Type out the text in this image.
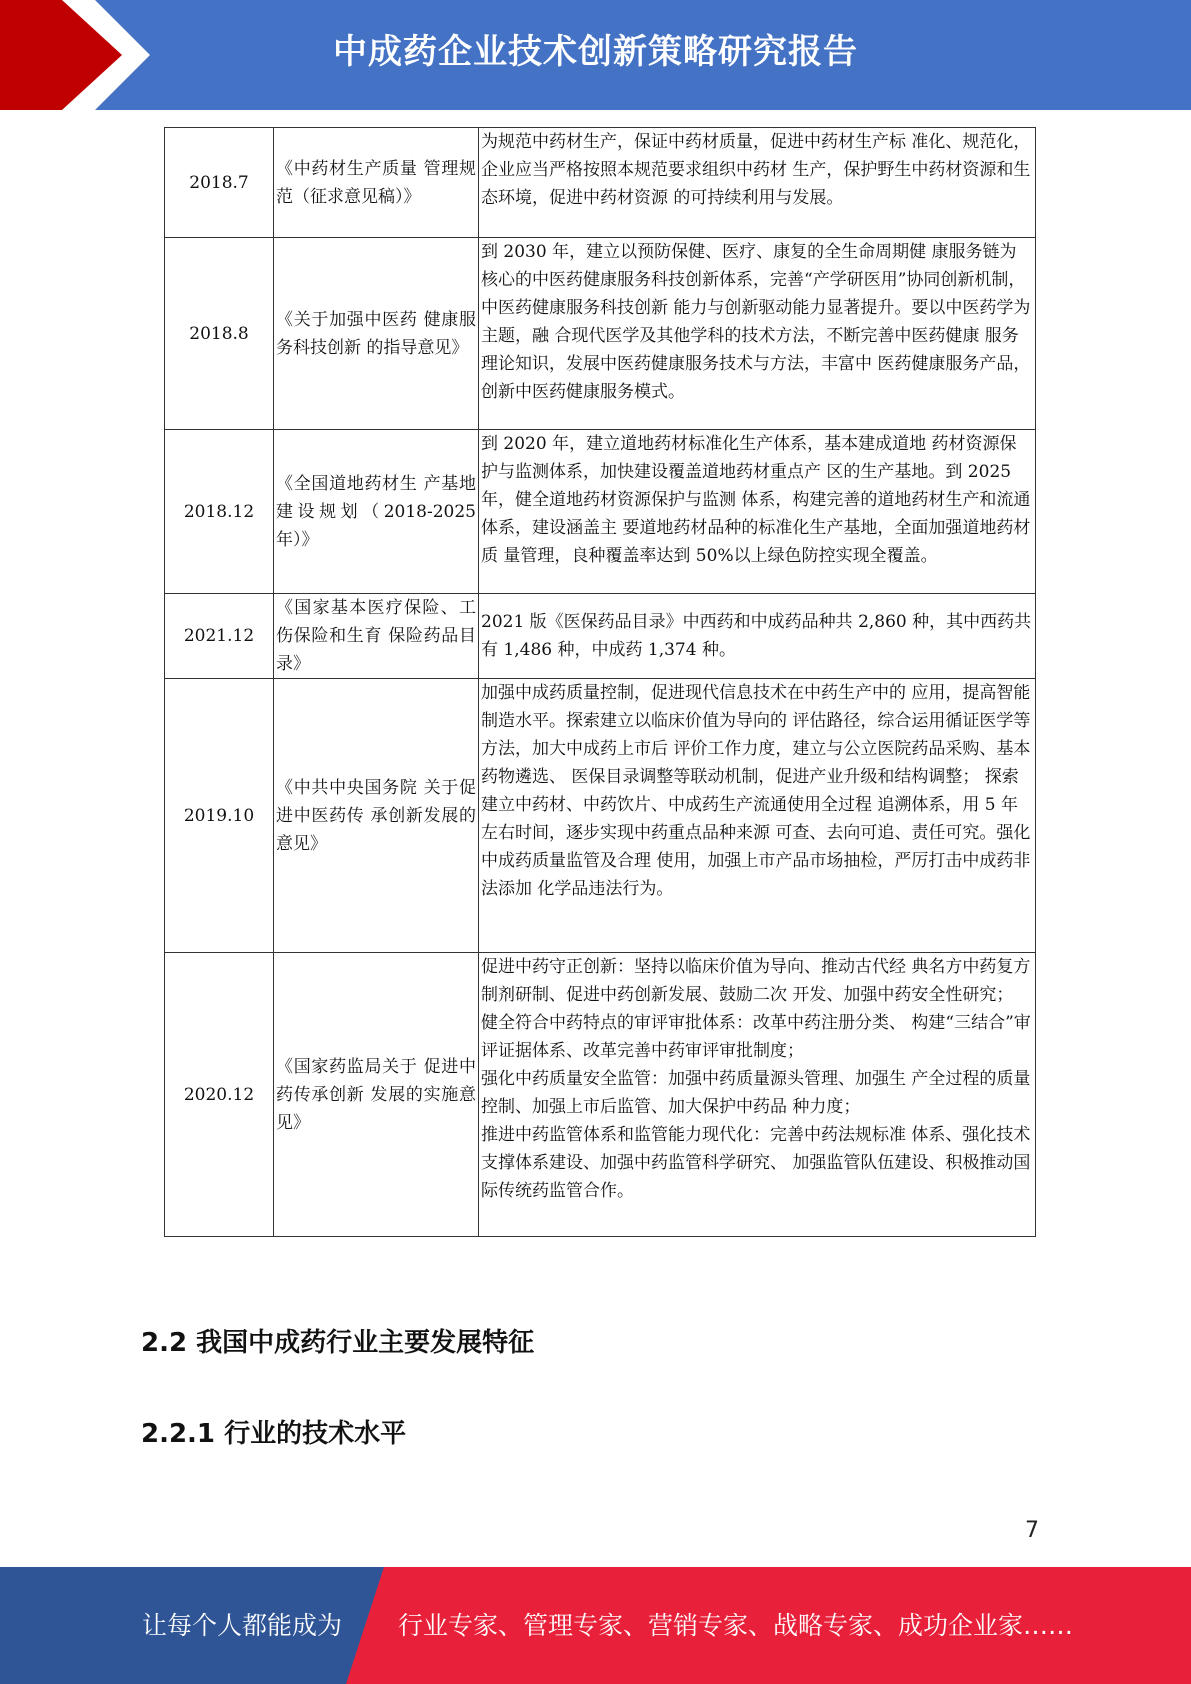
中成药企业技术创新策略研究报告
2018.7	《中药材生产质量 管理规范（征求意见稿）》	为规范中药材生产，保证中药材质量，促进中药材生产标 准化、规范化，企业应当严格按照本规范要求组织中药材 生产，保护野生中药材资源和生态环境，促进中药材资源 的可持续利用与发展。

2018.8	《关于加强中医药 健康服务科技创新 的指导意见》	到 2030 年，建立以预防保健、医疗、康复的全生命周期健 康服务链为核心的中医药健康服务科技创新体系，完善“产学研医用”协同创新机制，中医药健康服务科技创新 能力与创新驱动能力显著提升。要以中医药学为主题，融 合现代医学及其他学科的技术方法，不断完善中医药健康 服务理论知识，发展中医药健康服务技术与方法，丰富中 医药健康服务产品，创新中医药健康服务模式。

2018.12	《全国道地药材生 产基地建设规划（2018-2025 年）》	到 2020 年，建立道地药材标准化生产体系，基本建成道地 药材资源保护与监测体系，加快建设覆盖道地药材重点产 区的生产基地。到 2025 年，健全道地药材资源保护与监测 体系，构建完善的道地药材生产和流通体系，建设涵盖主 要道地药材品种的标准化生产基地，全面加强道地药材质 量管理，良种覆盖率达到 50%以上绿色防控实现全覆盖。

2021.12	《国家基本医疗保险、工伤保险和生育 保险药品目录》	2021 版《医保药品目录》中西药和中成药品种共 2,860 种，其中西药共有 1,486 种，中成药 1,374 种。

2019.10	《中共中央国务院 关于促进中医药传 承创新发展的意见》	加强中成药质量控制，促进现代信息技术在中药生产中的 应用，提高智能制造水平。探索建立以临床价值为导向的 评估路径，综合运用循证医学等方法，加大中成药上市后 评价工作力度，建立与公立医院药品采购、基本药物遴选、 医保目录调整等联动机制，促进产业升级和结构调整； 探索建立中药材、中药饮片、中成药生产流通使用全过程 追溯体系，用 5 年左右时间，逐步实现中药重点品种来源 可查、去向可追、责任可究。强化中成药质量监管及合理 使用，加强上市产品市场抽检，严厉打击中成药非法添加 化学品违法行为。

2020.12	《国家药监局关于 促进中药传承创新 发展的实施意见》	促进中药守正创新：坚持以临床价值为导向、推动古代经 典名方中药复方制剂研制、促进中药创新发展、鼓励二次 开发、加强中药安全性研究；

健全符合中药特点的审评审批体系：改革中药注册分类、 构建“三结合”审评证据体系、改革完善中药审评审批制度；

强化中药质量安全监管：加强中药质量源头管理、加强生 产全过程的质量控制、加强上市后监管、加大保护中药品 种力度；

推进中药监管体系和监管能力现代化：完善中药法规标准 体系、强化技术支撑体系建设、加强中药监管科学研究、 加强监管队伍建设、积极推动国际传统药监管合作。

2.2 我国中成药行业主要发展特征
2.2.1 行业的技术水平
7
让每个人都能成为 行业专家、管理专家、营销专家、战略专家、成功企业家……
